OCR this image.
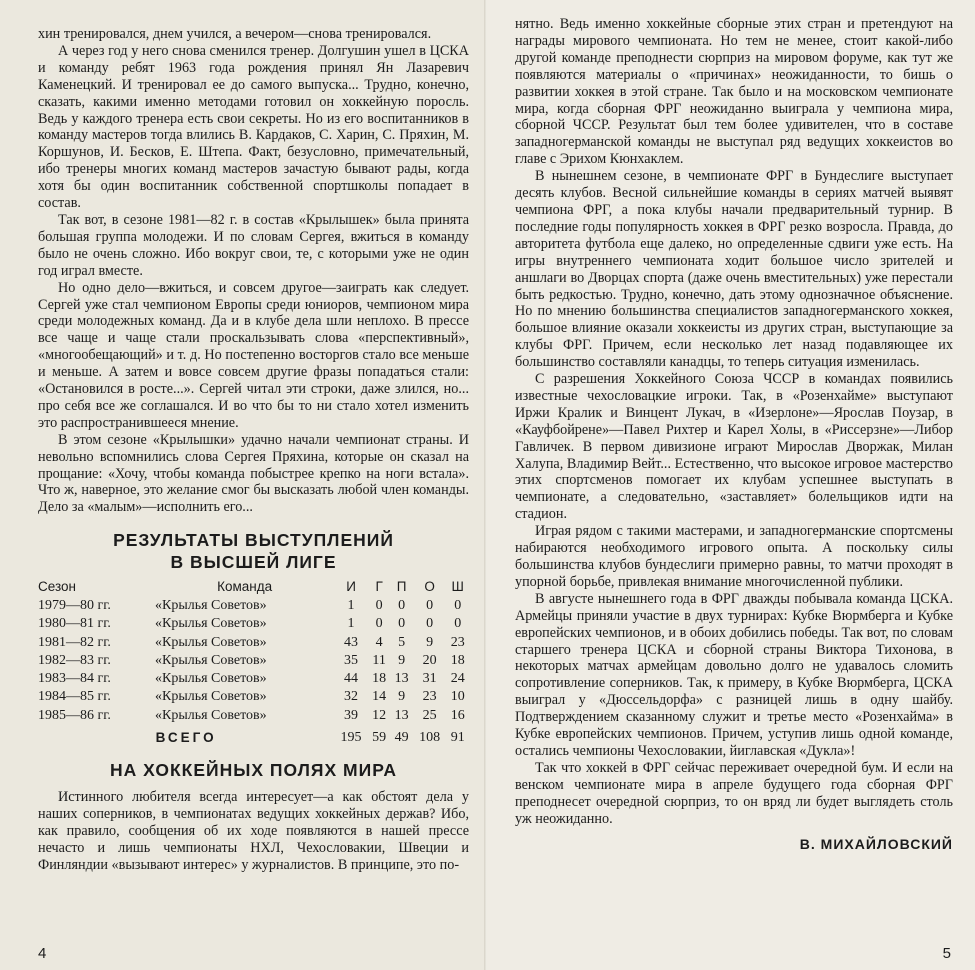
хин тренировался, днем учился, а вечером—снова тренировался.

А через год у него снова сменился тренер. Долгушин ушел в ЦСКА и команду ребят 1963 года рождения принял Ян Лазаревич Каменецкий. И тренировал ее до самого выпуска... Трудно, конечно, сказать, какими именно методами готовил он хоккейную поросль. Ведь у каждого тренера есть свои секреты. Но из его воспитанников в команду мастеров тогда влились В. Кардаков, С. Харин, С. Пряхин, М. Коршунов, И. Бесков, Е. Штепа. Факт, безусловно, примечательный, ибо тренеры многих команд мастеров зачастую бывают рады, когда хотя бы один воспитанник собственной спортшколы попадает в состав.

Так вот, в сезоне 1981—82 г. в состав «Крылышек» была принята большая группа молодежи. И по словам Сергея, вжиться в команду было не очень сложно. Ибо вокруг свои, те, с которыми уже не один год играл вместе.

Но одно дело—вжиться, и совсем другое—заиграть как следует. Сергей уже стал чемпионом Европы среди юниоров, чемпионом мира среди молодежных команд. Да и в клубе дела шли неплохо. В прессе все чаще и чаще стали проскальзывать слова «перспективный», «многообещающий» и т. д. Но постепенно восторгов стало все меньше и меньше. А затем и вовсе совсем другие фразы попадаться стали: «Остановился в росте...». Сергей читал эти строки, даже злился, но... про себя все же соглашался. И во что бы то ни стало хотел изменить это распространившееся мнение.

В этом сезоне «Крылышки» удачно начали чемпионат страны. И невольно вспомнились слова Сергея Пряхина, которые он сказал на прощание: «Хочу, чтобы команда побыстрее крепко на ноги встала». Что ж, наверное, это желание смог бы высказать любой член команды. Дело за «малым»—исполнить его...

РЕЗУЛЬТАТЫ ВЫСТУПЛЕНИЙ
В ВЫСШЕЙ ЛИГЕ
Сезон	Команда	И	Г	П	О	Ш
1979—80 гг.	«Крылья Советов»	1	0	0	0	0
1980—81 гг.	«Крылья Советов»	1	0	0	0	0
1981—82 гг.	«Крылья Советов»	43	4	5	9	23
1982—83 гг.	«Крылья Советов»	35	11	9	20	18
1983—84 гг.	«Крылья Советов»	44	18	13	31	24
1984—85 гг.	«Крылья Советов»	32	14	9	23	10
1985—86 гг.	«Крылья Советов»	39	12	13	25	16
ВСЕГО		195	59	49	108	91
НА ХОККЕЙНЫХ ПОЛЯХ МИРА

Истинного любителя всегда интересует—а как обстоят дела у наших соперников, в чемпионатах ведущих хоккейных держав? Ибо, как правило, сообщения об их ходе появляются в нашей прессе нечасто и лишь чемпионаты НХЛ, Чехословакии, Швеции и Финляндии «вызывают интерес» у журналистов. В принципе, это по-

4

нятно. Ведь именно хоккейные сборные этих стран и претендуют на награды мирового чемпионата. Но тем не менее, стоит какой-либо другой команде преподнести сюрприз на мировом форуме, как тут же появляются материалы о «причинах» неожиданности, то бишь о развитии хоккея в этой стране. Так было и на московском чемпионате мира, когда сборная ФРГ неожиданно выиграла у чемпиона мира, сборной ЧССР. Результат был тем более удивителен, что в составе западногерманской команды не выступал ряд ведущих хоккеистов во главе с Эрихом Кюнхаклем.

В нынешнем сезоне, в чемпионате ФРГ в Бундеслиге выступает десять клубов. Весной сильнейшие команды в сериях матчей выявят чемпиона ФРГ, а пока клубы начали предварительный турнир. В последние годы популярность хоккея в ФРГ резко возросла. Правда, до авторитета футбола еще далеко, но определенные сдвиги уже есть. На игры внутреннего чемпионата ходит большое число зрителей и аншлаги во Дворцах спорта (даже очень вместительных) уже перестали быть редкостью. Трудно, конечно, дать этому однозначное объяснение. Но по мнению большинства специалистов западногерманского хоккея, большое влияние оказали хоккеисты из других стран, выступающие за клубы ФРГ. Причем, если несколько лет назад подавляющее их большинство составляли канадцы, то теперь ситуация изменилась.

С разрешения Хоккейного Союза ЧССР в командах появились известные чехословацкие игроки. Так, в «Розенхайме» выступают Иржи Кралик и Винцент Лукач, в «Изерлоне»—Ярослав Поузар, в «Кауфбойрене»—Павел Рихтер и Карел Холы, в «Риссерзне»—Либор Гавличек. В первом дивизионе играют Мирослав Дворжак, Милан Халупа, Владимир Вейт... Естественно, что высокое игровое мастерство этих спортсменов помогает их клубам успешнее выступать в чемпионате, а следовательно, «заставляет» болельщиков идти на стадион.

Играя рядом с такими мастерами, и западногерманские спортсмены набираются необходимого игрового опыта. А поскольку силы большинства клубов бундеслиги примерно равны, то матчи проходят в упорной борьбе, привлекая внимание многочисленной публики.

В августе нынешнего года в ФРГ дважды побывала команда ЦСКА. Армейцы приняли участие в двух турнирах: Кубке Вюрмберга и Кубке европейских чемпионов, и в обоих добились победы. Так вот, по словам старшего тренера ЦСКА и сборной страны Виктора Тихонова, в некоторых матчах армейцам довольно долго не удавалось сломить сопротивление соперников. Так, к примеру, в Кубке Вюрмберга, ЦСКА выиграл у «Дюссельдорфа» с разницей лишь в одну шайбу. Подтверждением сказанному служит и третье место «Розенхайма» в Кубке европейских чемпионов. Причем, уступив лишь одной команде, остались чемпионы Чехословакии, йиглавская «Дукла»!

Так что хоккей в ФРГ сейчас переживает очередной бум. И если на венском чемпионате мира в апреле будущего года сборная ФРГ преподнесет очередной сюрприз, то он вряд ли будет выглядеть столь уж неожиданно.

В. МИХАЙЛОВСКИЙ
5
